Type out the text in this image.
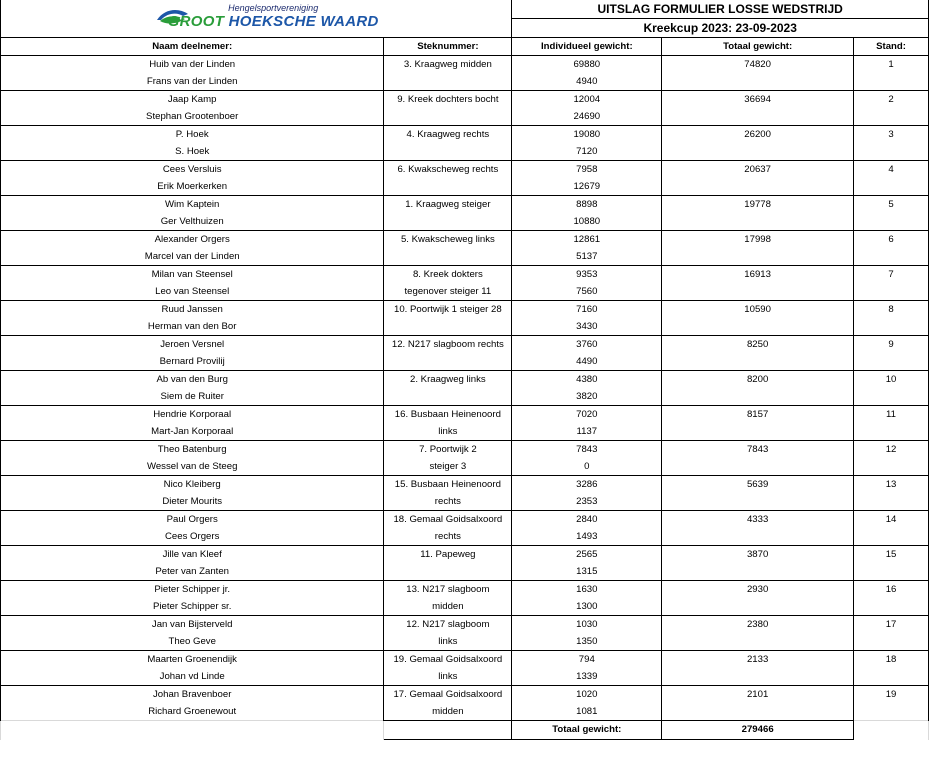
Hengelsportvereniging
GROOT HOEKSCHE WAARD		UITSLAG FORMULIER LOSSE WEDSTRIJD		
		Kreekcup 2023: 23-09-2023		
Naam deelnemer:	Steknummer:	Individueel gewicht:	Totaal gewicht:	Stand:
Huib van der Linden	3. Kraagweg midden	69880	74820	1
Frans van der Linden		4940		
Jaap Kamp	9. Kreek dochters bocht	12004	36694	2
Stephan Grootenboer		24690		
P. Hoek	4. Kraagweg rechts	19080	26200	3
S. Hoek		7120		
Cees Versluis	6. Kwakscheweg rechts	7958	20637	4
Erik Moerkerken		12679		
Wim Kaptein	1. Kraagweg steiger	8898	19778	5
Ger Velthuizen		10880		
Alexander Orgers	5. Kwakscheweg links	12861	17998	6
Marcel van der Linden		5137		
Milan van Steensel	8. Kreek dokters	9353	16913	7
Leo van Steensel	tegenover steiger 11	7560		
Ruud Janssen	10. Poortwijk 1 steiger 28	7160	10590	8
Herman van den Bor		3430		
Jeroen Versnel	12. N217 slagboom rechts	3760	8250	9
Bernard Provilij		4490		
Ab van den Burg	2. Kraagweg links	4380	8200	10
Siem de Ruiter		3820		
Hendrie Korporaal	16. Busbaan Heinenoord	7020	8157	11
Mart-Jan Korporaal	links	1137		
Theo Batenburg	7. Poortwijk 2	7843	7843	12
Wessel van de Steeg	steiger 3	0		
Nico Kleiberg	15. Busbaan Heinenoord	3286	5639	13
Dieter Mourits	rechts	2353		
Paul Orgers	18. Gemaal Goidsalxoord	2840	4333	14
Cees Orgers	rechts	1493		
Jille van Kleef	11. Papeweg	2565	3870	15
Peter van Zanten		1315		
Pieter Schipper jr.	13. N217 slagboom	1630	2930	16
Pieter Schipper sr.	midden	1300		
Jan van Bijsterveld	12. N217 slagboom	1030	2380	17
Theo Geve	links	1350		
Maarten Groenendijk	19. Gemaal Goidsalxoord	794	2133	18
Johan vd Linde	links	1339		
Johan Bravenboer	17. Gemaal Goidsalxoord	1020	2101	19
Richard Groenewout	midden	1081		
		Totaal gewicht:	279466	
